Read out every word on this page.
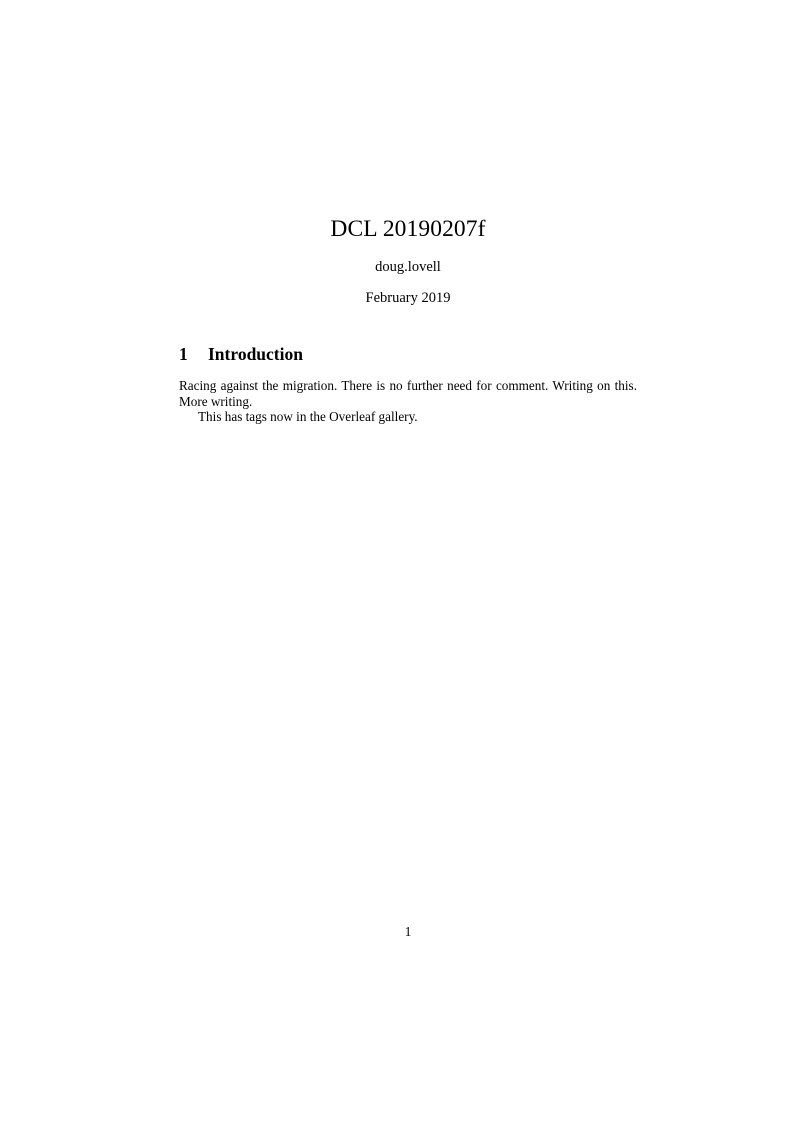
DCL 20190207f
doug.lovell
February 2019
1 Introduction

Racing against the migration. There is no further need for comment. Writing on this. More writing.

This has tags now in the Overleaf gallery.

1
